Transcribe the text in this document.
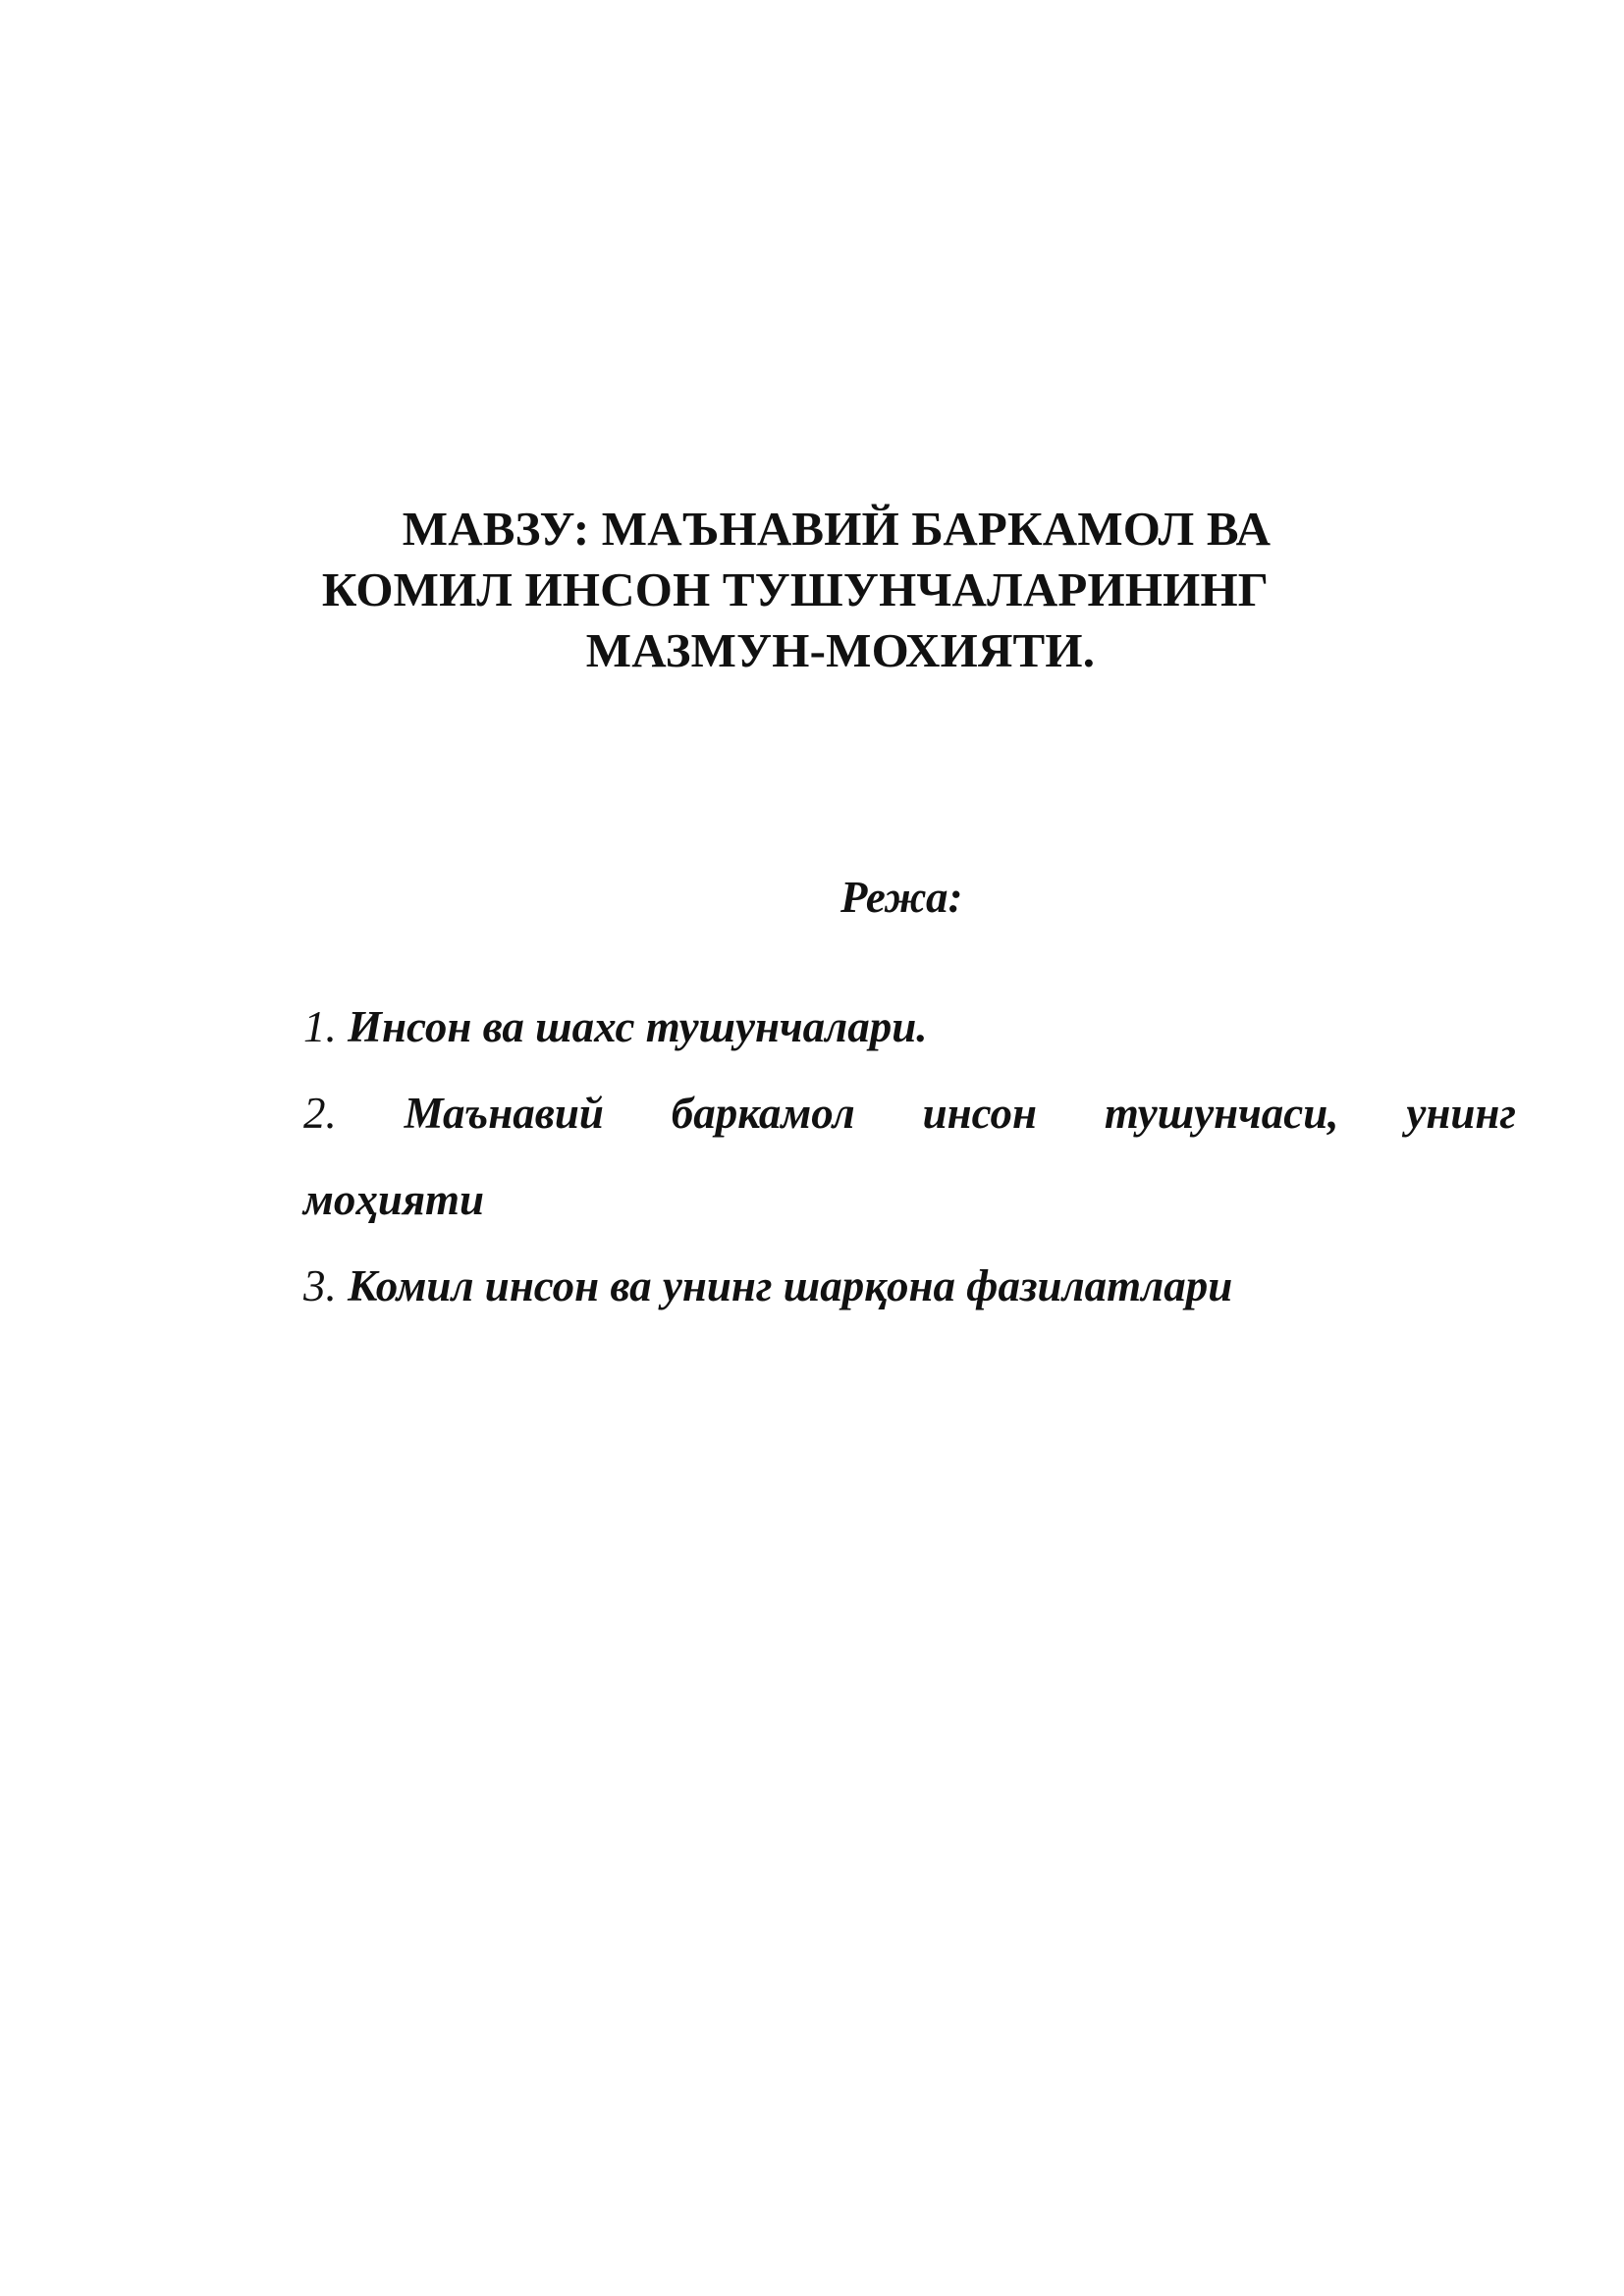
МАВЗУ: МАЪНАВИЙ БАРКАМОЛ ВА
КОМИЛ ИНСОН ТУШУНЧАЛАРИНИНГ
МАЗМУН-МОХИЯТИ.

Режа:

1. Инсон ва шахс тушунчалари.
2. Маънавий баркамол инсон тушунчаси, унинг
моҳияти
3. Комил инсон ва унинг шарқона фазилатлари
